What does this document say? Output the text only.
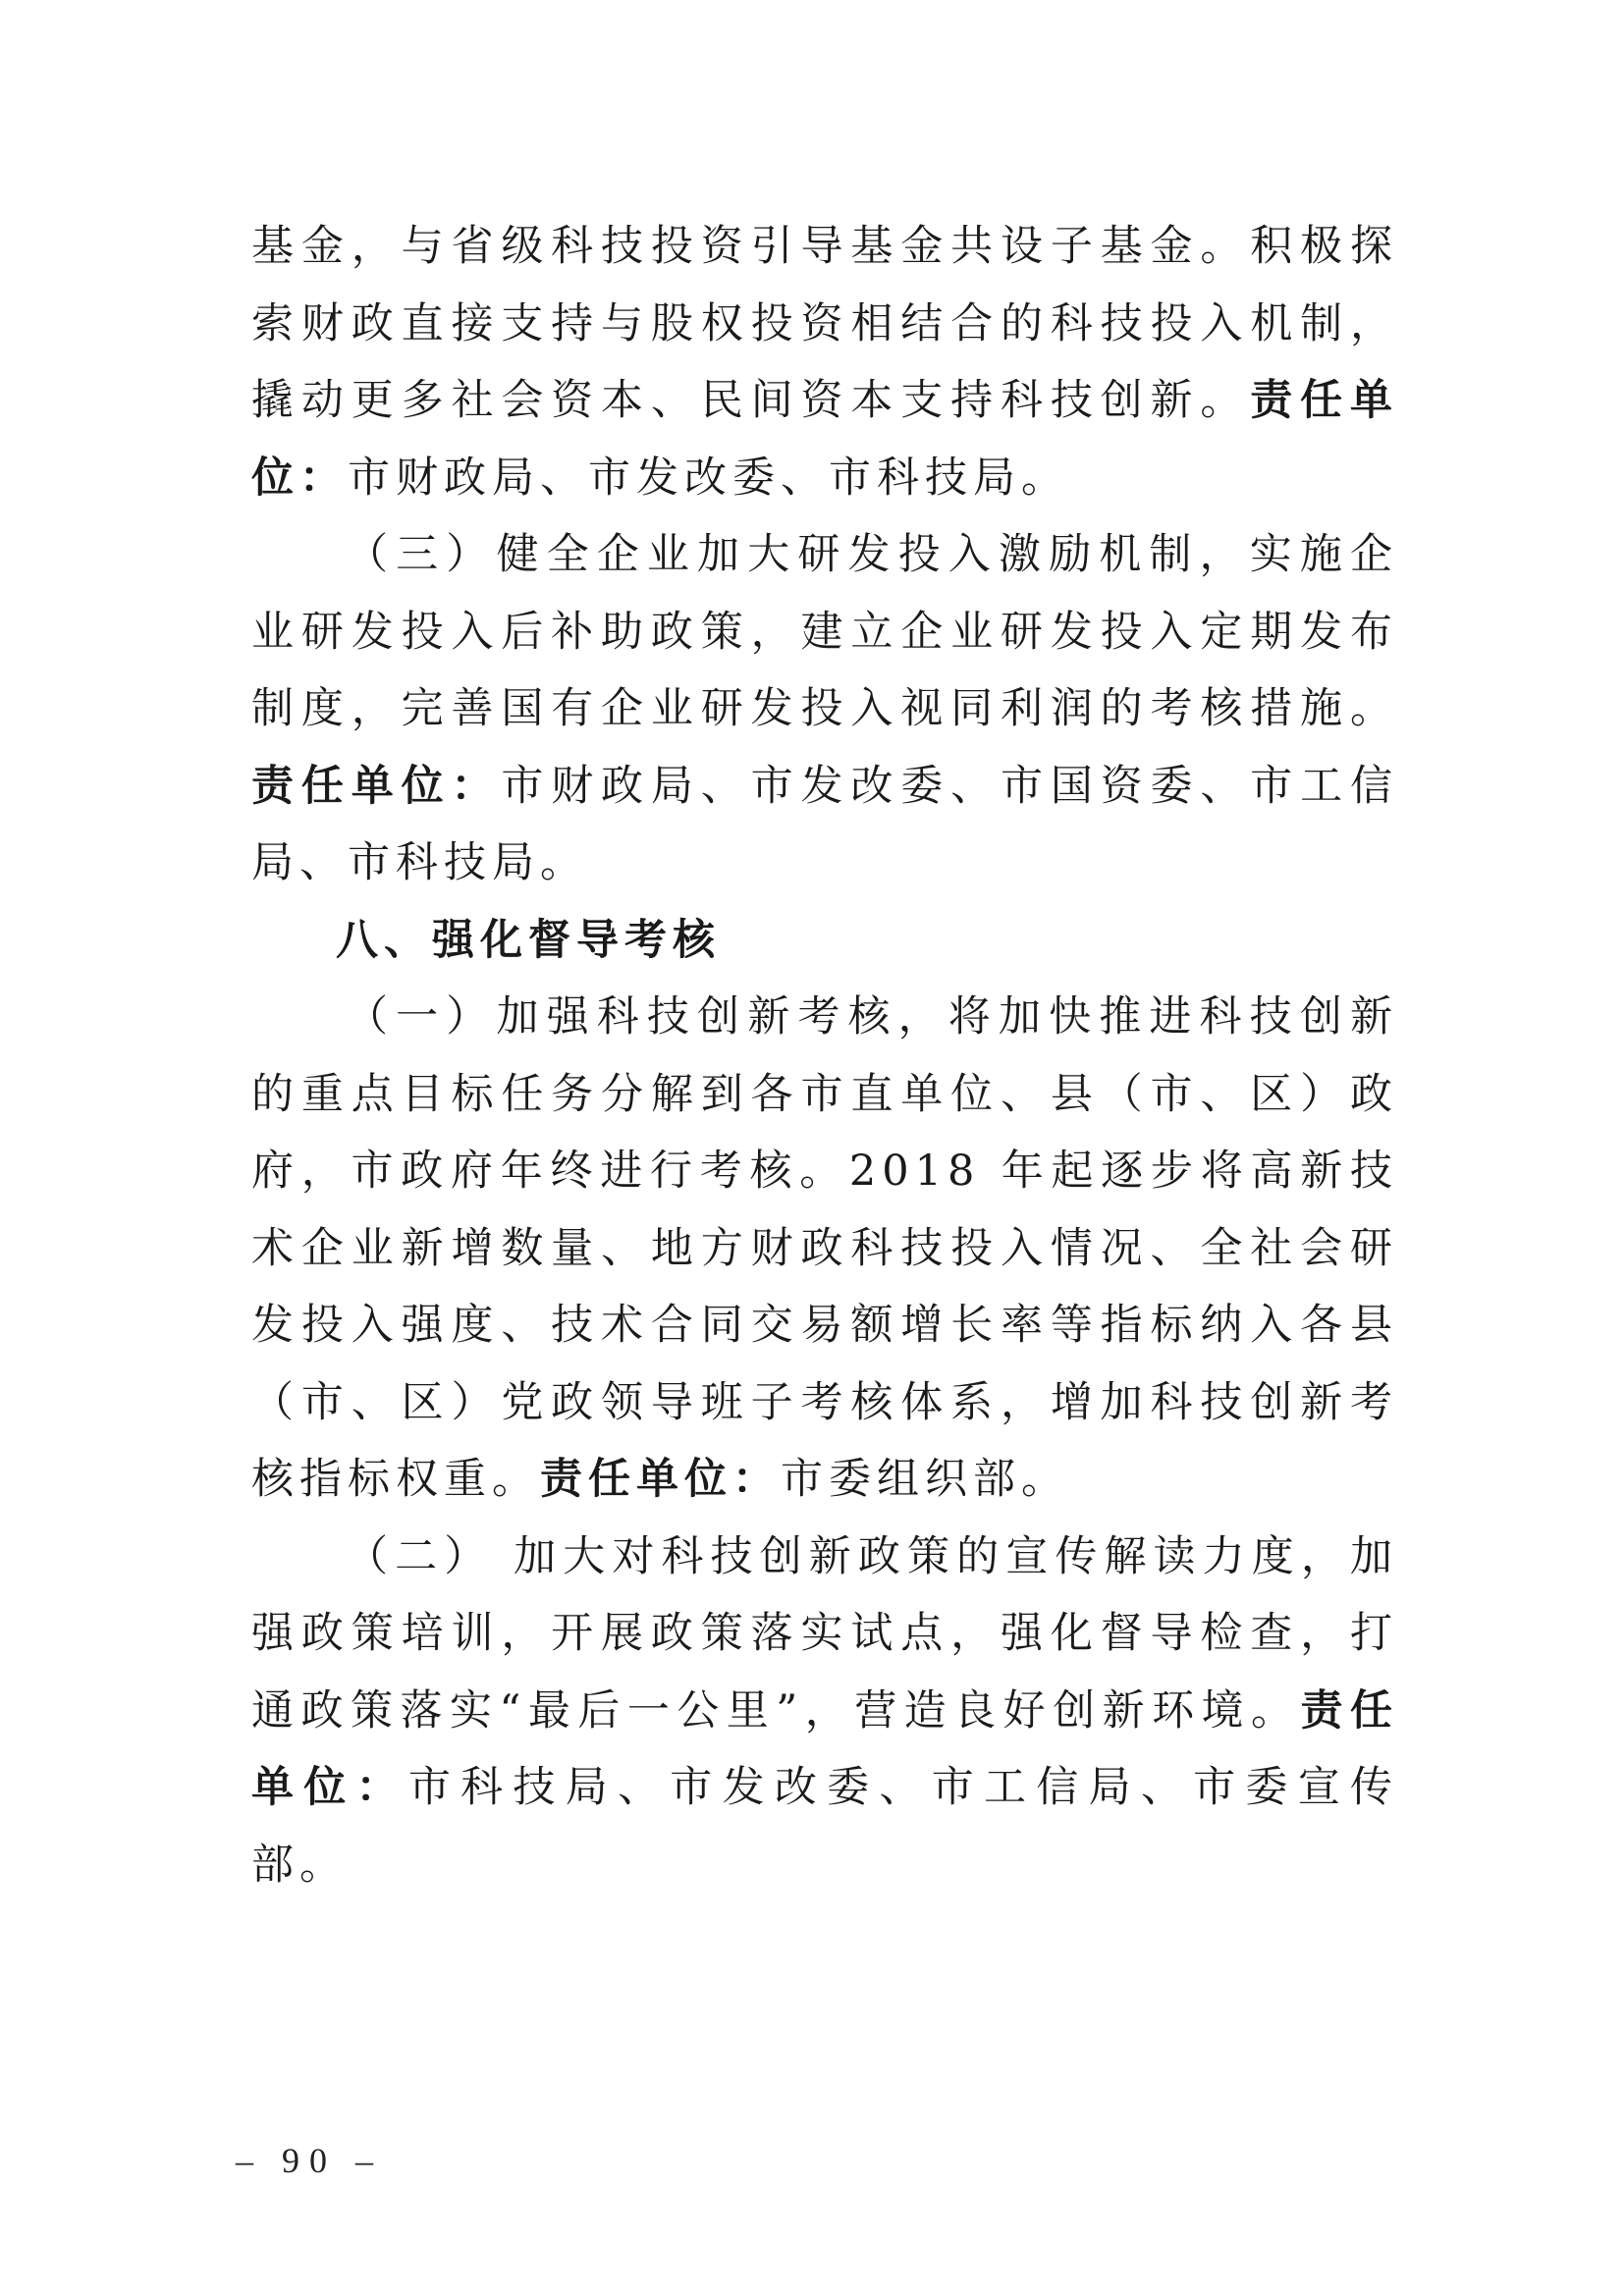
基金，与省级科技投资引导基金共设子基金。积极探索财政直接支持与股权投资相结合的科技投入机制，撬动更多社会资本、民间资本支持科技创新。责任单位：市财政局、市发改委、市科技局。

（三）健全企业加大研发投入激励机制，实施企业研发投入后补助政策，建立企业研发投入定期发布制度，完善国有企业研发投入视同利润的考核措施。责任单位：市财政局、市发改委、市国资委、市工信局、市科技局。

八、强化督导考核

（一）加强科技创新考核，将加快推进科技创新的重点目标任务分解到各市直单位、县（市、区）政府，市政府年终进行考核。2018 年起逐步将高新技术企业新增数量、地方财政科技投入情况、全社会研发投入强度、技术合同交易额增长率等指标纳入各县（市、区）党政领导班子考核体系，增加科技创新考核指标权重。责任单位：市委组织部。

（二） 加大对科技创新政策的宣传解读力度，加强政策培训，开展政策落实试点，强化督导检查，打通政策落实“最后一公里”，营造良好创新环境。责任单位：市科技局、市发改委、市工信局、市委宣传部。

– 90 –
